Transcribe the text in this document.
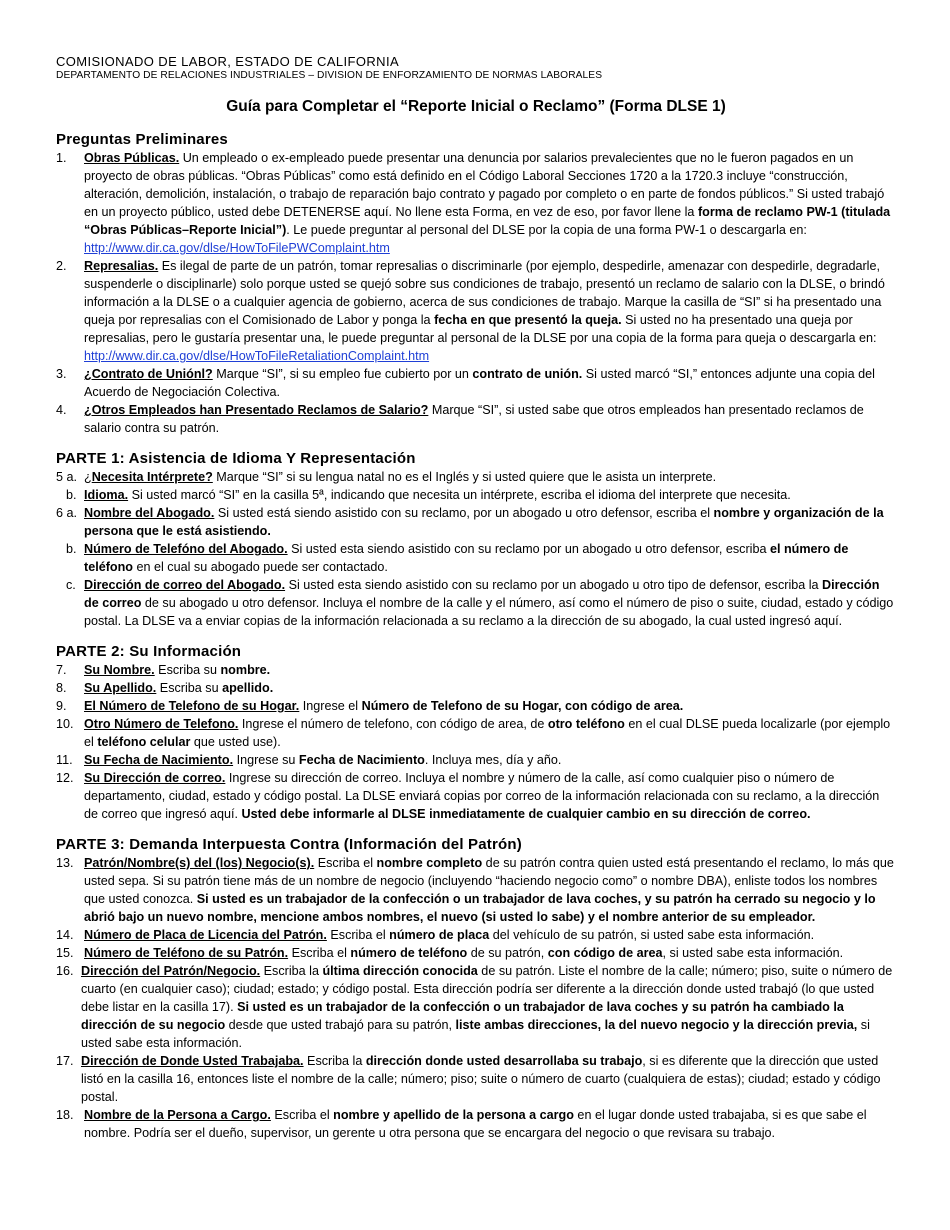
COMISIONADO DE LABOR, ESTADO DE CALIFORNIA
DEPARTAMENTO DE RELACIONES INDUSTRIALES – DIVISION DE ENFORZAMIENTO DE NORMAS LABORALES
Guía para Completar el “Reporte Inicial o Reclamo” (Forma DLSE 1)
Preguntas Preliminares
1. Obras Públicas. Un empleado o ex-empleado puede presentar una denuncia por salarios prevalecientes que no le fueron pagados en un proyecto de obras públicas. “Obras Públicas” como está definido en el Código Laboral Secciones 1720 a la 1720.3 incluye “construcción, alteración, demolición, instalación, o trabajo de reparación bajo contrato y pagado por completo o en parte de fondos públicos.” Si usted trabajó en un proyecto público, usted debe DETENERSE aquí. No llene esta Forma, en vez de eso, por favor llene la forma de reclamo PW-1 (titulada “Obras Públicas–Reporte Inicial”). Le puede preguntar al personal del DLSE por la copia de una forma PW-1 o descargarla en: http://www.dir.ca.gov/dlse/HowToFilePWComplaint.htm
2. Represalias. Es ilegal de parte de un patrón, tomar represalias o discriminarle (por ejemplo, despedirle, amenazar con despedirle, degradarle, suspenderle o disciplinarle) solo porque usted se quejó sobre sus condiciones de trabajo, presentó un reclamo de salario con la DLSE, o brindó información a la DLSE o a cualquier agencia de gobierno, acerca de sus condiciones de trabajo. Marque la casilla de “SI” si ha presentado una queja por represalias con el Comisionado de Labor y ponga la fecha en que presentó la queja. Si usted no ha presentado una queja por represalias, pero le gustaría presentar una, le puede preguntar al personal de la DLSE por una copia de la forma para queja o descargarla en: http://www.dir.ca.gov/dlse/HowToFileRetaliationComplaint.htm
3. ¿Contrato de Uniónl? Marque “SI”, si su empleo fue cubierto por un contrato de unión. Si usted marcó “SI,” entonces adjunte una copia del Acuerdo de Negociación Colectiva.
4. ¿Otros Empleados han Presentado Reclamos de Salario? Marque “SI”, si usted sabe que otros empleados han presentado reclamos de salario contra su patrón.
PARTE 1: Asistencia de Idioma Y Representación
5 a. ¿Necesita Intérprete? Marque “SI” si su lengua natal no es el Inglés y si usted quiere que le asista un interprete.
b. Idioma. Si usted marcó “SI” en la casilla 5ª, indicando que necesita un intérprete, escriba el idioma del interprete que necesita.
6 a. Nombre del Abogado. Si usted está siendo asistido con su reclamo, por un abogado u otro defensor, escriba el nombre y organización de la persona que le está asistiendo.
b. Número de Telefóno del Abogado. Si usted esta siendo asistido con su reclamo por un abogado u otro defensor, escriba el número de teléfono en el cual su abogado puede ser contactado.
c. Dirección de correo del Abogado. Si usted esta siendo asistido con su reclamo por un abogado u otro tipo de defensor, escriba la Dirección de correo de su abogado u otro defensor. Incluya el nombre de la calle y el número, así como el número de piso o suite, ciudad, estado y código postal. La DLSE va a enviar copias de la información relacionada a su reclamo a la dirección de su abogado, la cual usted ingresó aquí.
PARTE 2: Su Información
7. Su Nombre. Escriba su nombre.
8. Su Apellido. Escriba su apellido.
9. El Número de Telefono de su Hogar. Ingrese el Número de Telefono de su Hogar, con código de area.
10. Otro Número de Telefono. Ingrese el número de telefono, con código de area, de otro teléfono en el cual DLSE pueda localizarle (por ejemplo el teléfono celular que usted use).
11. Su Fecha de Nacimiento. Ingrese su Fecha de Nacimiento. Incluya mes, día y año.
12. Su Dirección de correo. Ingrese su dirección de correo. Incluya el nombre y número de la calle, así como cualquier piso o número de departamento, ciudad, estado y código postal. La DLSE enviará copias por correo de la información relacionada con su reclamo, a la dirección de correo que ingresó aquí. Usted debe informarle al DLSE inmediatamente de cualquier cambio en su dirección de correo.
PARTE 3: Demanda Interpuesta Contra (Información del Patrón)
13. Patrón/Nombre(s) del (los) Negocio(s). Escriba el nombre completo de su patrón contra quien usted está presentando el reclamo, lo más que usted sepa. Si su patrón tiene más de un nombre de negocio (incluyendo “haciendo negocio como” o nombre DBA), enliste todos los nombres que usted conozca. Si usted es un trabajador de la confección o un trabajador de lava coches, y su patrón ha cerrado su negocio y lo abrió bajo un nuevo nombre, mencione ambos nombres, el nuevo (si usted lo sabe) y el nombre anterior de su empleador.
14. Número de Placa de Licencia del Patrón. Escriba el número de placa del vehículo de su patrón, si usted sabe esta información.
15. Número de Teléfono de su Patrón. Escriba el número de teléfono de su patrón, con código de area, si usted sabe esta información.
16. Dirección del Patrón/Negocio. Escriba la última dirección conocida de su patrón. Liste el nombre de la calle; número; piso, suite o número de cuarto (en cualquier caso); ciudad; estado; y código postal. Esta dirección podría ser diferente a la dirección donde usted trabajó (lo que usted debe listar en la casilla 17). Si usted es un trabajador de la confección o un trabajador de lava coches y su patrón ha cambiado la dirección de su negocio desde que usted trabajó para su patrón, liste ambas direcciones, la del nuevo negocio y la dirección previa, si usted sabe esta información.
17. Dirección de Donde Usted Trabajaba. Escriba la dirección donde usted desarrollaba su trabajo, si es diferente que la dirección que usted listó en la casilla 16, entonces liste el nombre de la calle; número; piso; suite o número de cuarto (cualquiera de estas); ciudad; estado y código postal.
18. Nombre de la Persona a Cargo. Escriba el nombre y apellido de la persona a cargo en el lugar donde usted trabajaba, si es que sabe el nombre. Podría ser el dueño, supervisor, un gerente u otra persona que se encargara del negocio o que revisara su trabajo.
